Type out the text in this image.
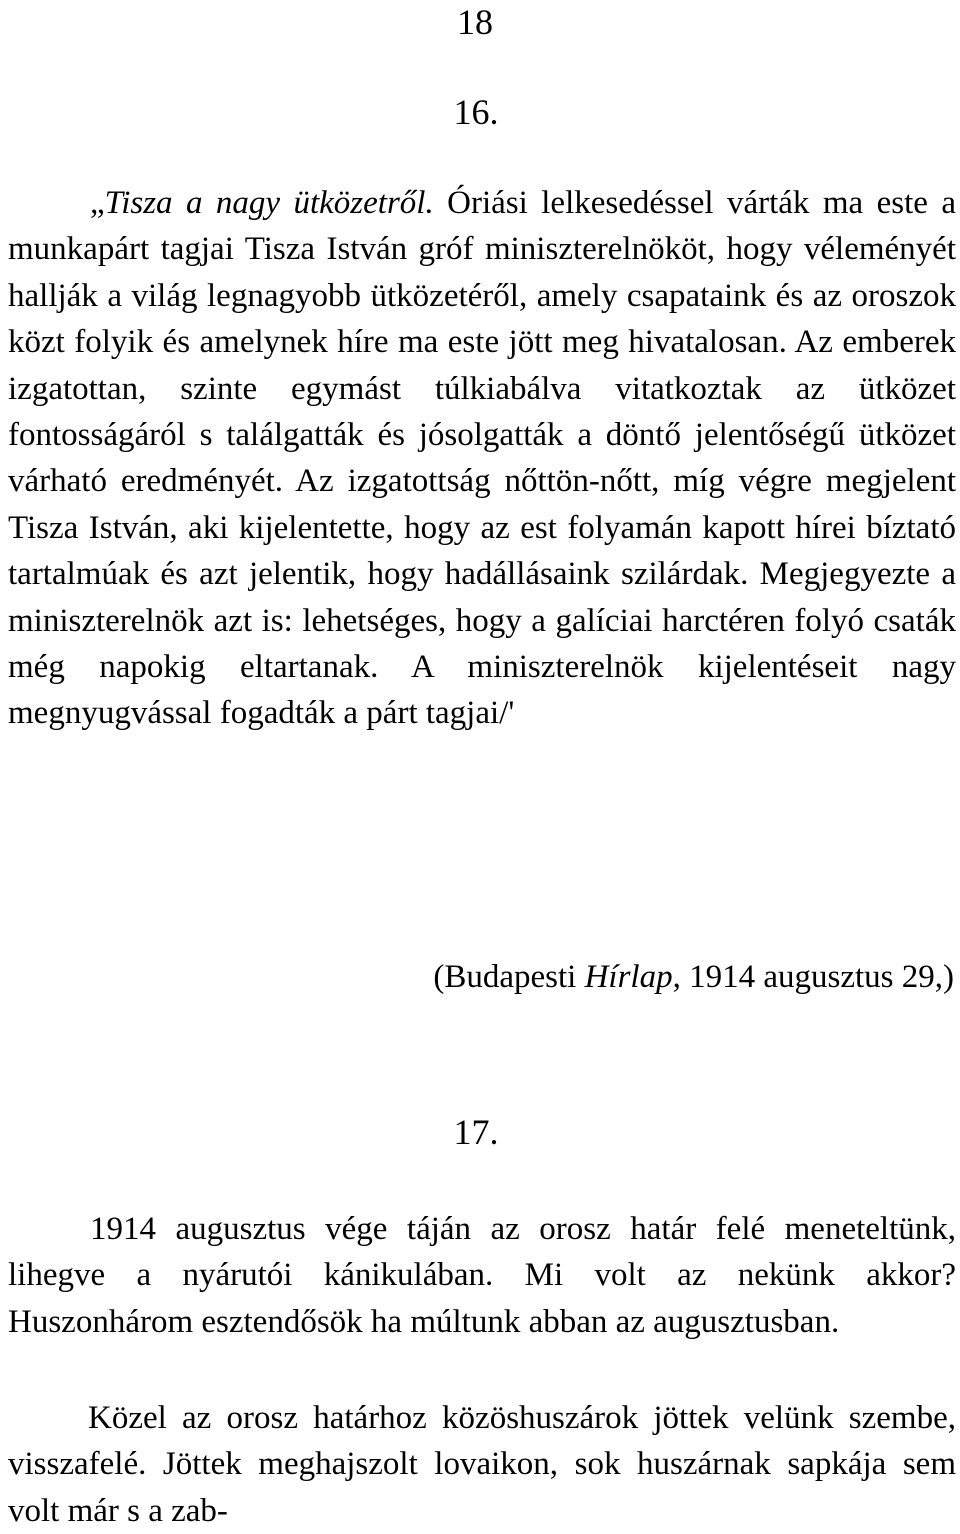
18

16.

„Tisza a nagy ütközetről. Óriási lelkesedéssel várták ma este a munkapárt tagjai Tisza István gróf miniszterelnököt, hogy véleményét hallják a világ legnagyobb ütközetéről, amely csapataink és az oroszok közt folyik és amelynek híre ma este jött meg hivatalosan. Az emberek izgatottan, szinte egymást túlkiabálva vitatkoztak az ütközet fontosságáról s találgatták és jósolgatták a döntő jelentőségű ütközet várható eredményét. Az izgatottság nőttön-nőtt, míg végre megjelent Tisza István, aki kijelentette, hogy az est folyamán kapott hírei bíztató tartalmúak és azt jelentik, hogy hadállásaink szilárdak. Megjegyezte a miniszterelnök azt is: lehetséges, hogy a galíciai harctéren folyó csaták még napokig eltartanak. A miniszterelnök kijelentéseit nagy megnyugvással fogadták a párt tagjai/'

(Budapesti Hírlap, 1914 augusztus 29,)

17.

1914 augusztus vége táján az orosz határ felé meneteltünk, lihegve a nyárutói kánikulában. Mi volt az nekünk akkor? Huszonhárom esztendősök ha múltunk abban az augusztusban.

Közel az orosz határhoz közöshuszárok jöttek velünk szembe, visszafelé. Jöttek meghajszolt lovaikon, sok huszárnak sapkája sem volt már s a zab-
